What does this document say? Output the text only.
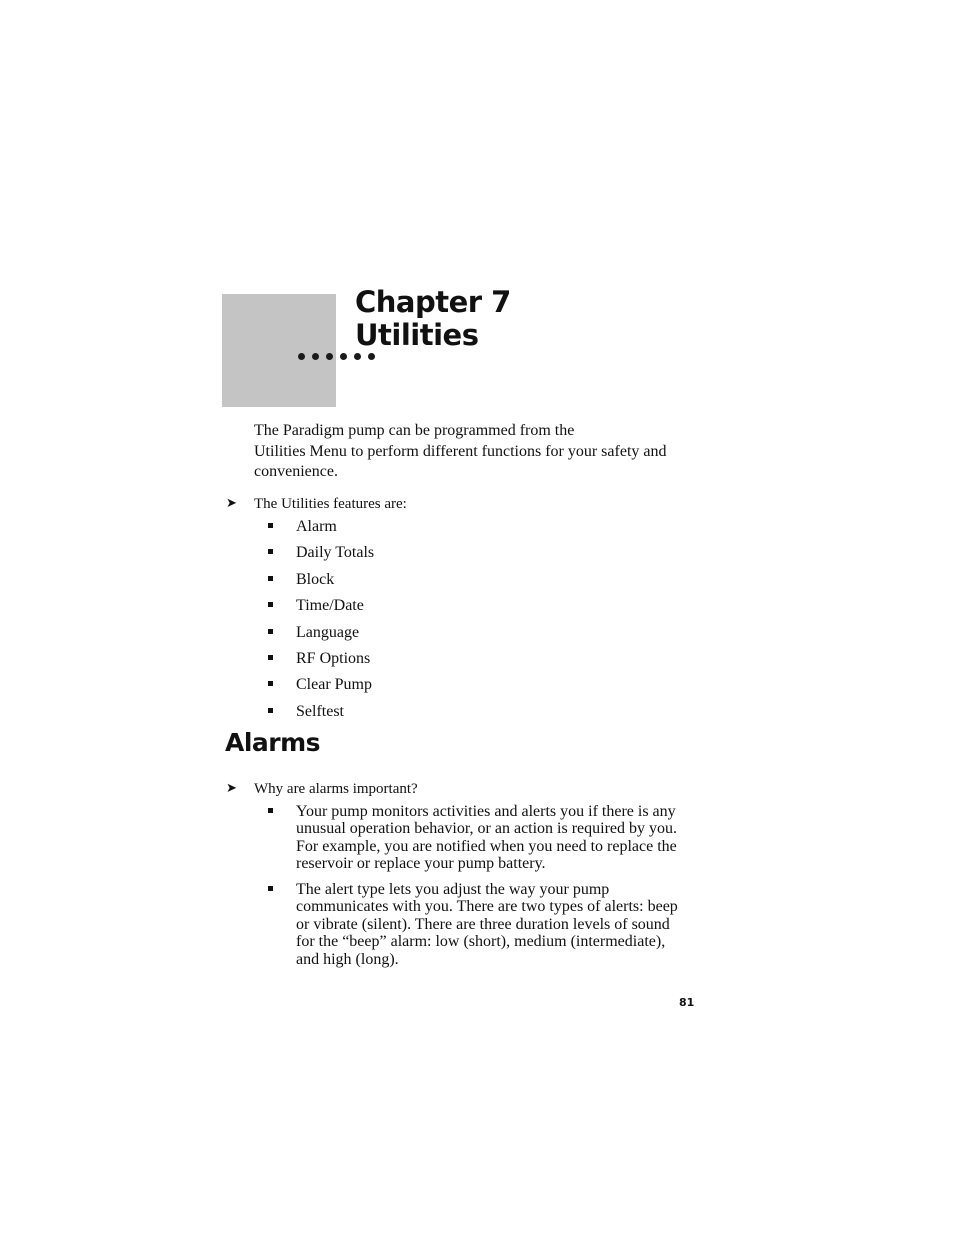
Chapter 7
Utilities

The Paradigm pump can be programmed from the
Utilities Menu to perform different functions for your safety and
convenience.

➤ The Utilities features are:
Alarm
Daily Totals
Block
Time/Date
Language
RF Options
Clear Pump
Selftest
Alarms
➤ Why are alarms important?
Your pump monitors activities and alerts you if there is any
unusual operation behavior, or an action is required by you.
For example, you are notified when you need to replace the
reservoir or replace your pump battery.
The alert type lets you adjust the way your pump
communicates with you. There are two types of alerts: beep
or vibrate (silent). There are three duration levels of sound
for the “beep” alarm: low (short), medium (intermediate),
and high (long).
81
